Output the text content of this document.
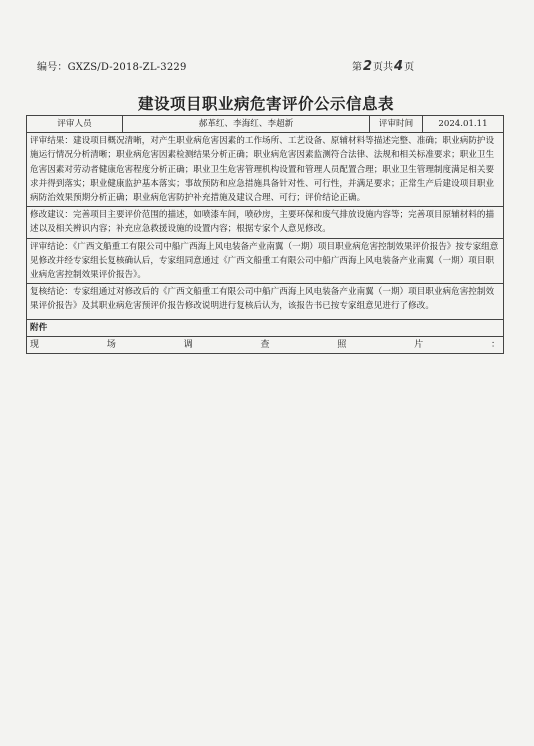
编号：GXZS/D-2018-ZL-3229	第2页共4页
建设项目职业病危害评价公示信息表
评审人员	郝革红、李海红、李超新	评审时间	2024.01.11
评审结果：建设项目概况清晰，对产生职业病危害因素的工作场所、工艺设备、原辅材料等描述完整、准确；职业病防护设施运行情况分析清晰；职业病危害因素检测结果分析正确；职业病危害因素监测符合法律、法规和相关标准要求；职业卫生危害因素对劳动者健康危害程度分析正确；职业卫生危害管理机构设置和管理人员配置合理；职业卫生管理制度满足相关要求并得到落实；职业健康监护基本落实；事故预防和应急措施具备针对性、可行性，并满足要求；正常生产后建设项目职业病防治效果预期分析正确；职业病危害防护补充措施及建议合理、可行；评价结论正确。
修改建议：完善项目主要评价范围的描述，如喷漆车间，喷砂房，主要环保和废气排放设施内容等；完善项目原辅材料的描述以及相关辨识内容；补充应急救援设施的设置内容；根据专家个人意见修改。
评审结论：《广西文船重工有限公司中船广西海上风电装备产业南翼（一期）项目职业病危害控制效果评价报告》按专家组意见修改并经专家组长复核确认后，专家组同意通过《广西文船重工有限公司中船广西海上风电装备产业南翼（一期）项目职业病危害控制效果评价报告》。
复核结论：专家组通过对修改后的《广西文船重工有限公司中船广西海上风电装备产业南翼（一期）项目职业病危害控制效果评价报告》及其职业病危害预评价报告修改说明进行复核后认为，该报告书已按专家组意见进行了修改。
附件
现场调查照片：
